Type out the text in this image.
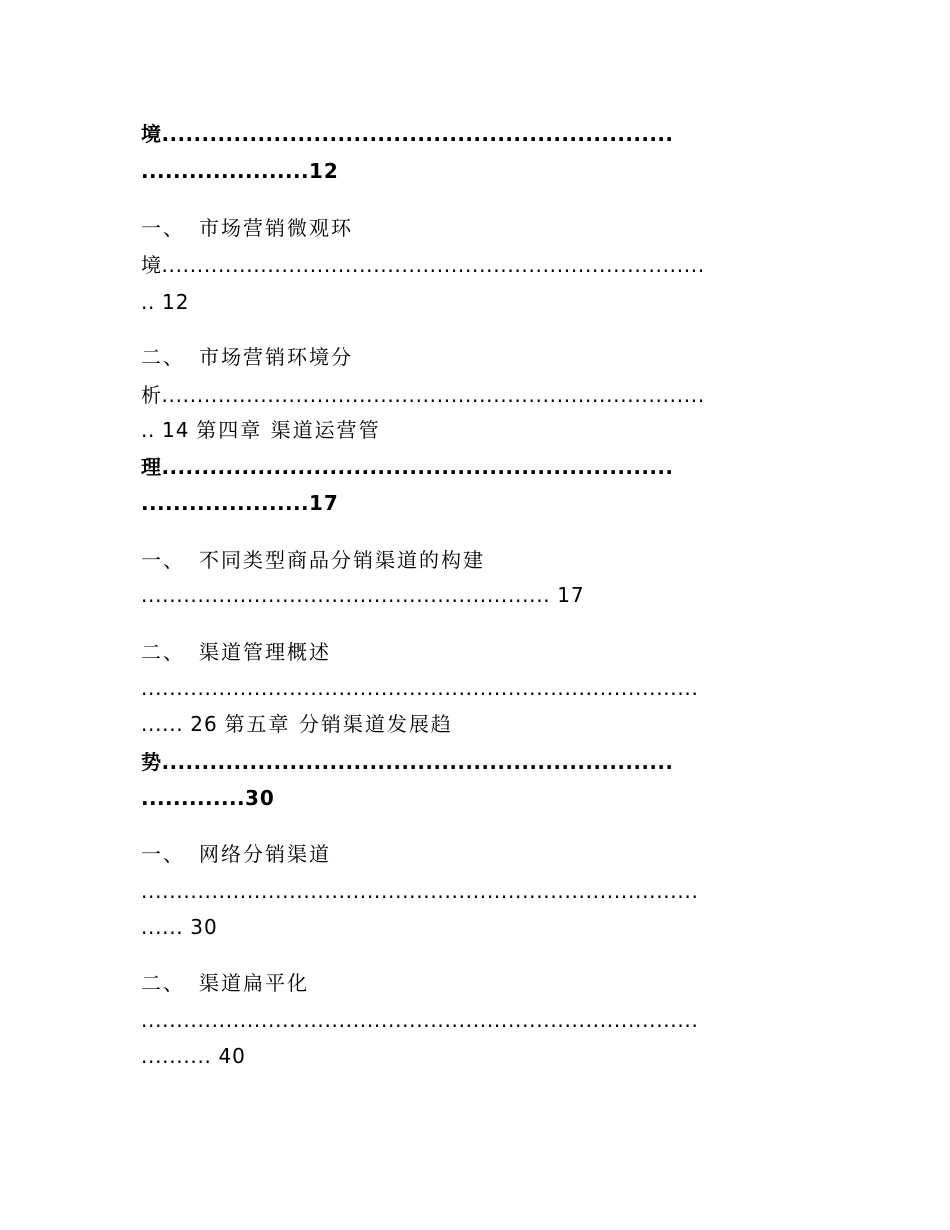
境................................................................
.....................12
一、 市场营销微观环
境.............................................................................
.. 12
二、 市场营销环境分
析.............................................................................
.. 14 第四章 渠道运营管
理................................................................
.....................17
一、 不同类型商品分销渠道的构建
.......................................................... 17
二、 渠道管理概述
...............................................................................
...... 26 第五章 分销渠道发展趋
势................................................................
.............30
一、 网络分销渠道
...............................................................................
...... 30
二、 渠道扁平化
...............................................................................
.......... 40
